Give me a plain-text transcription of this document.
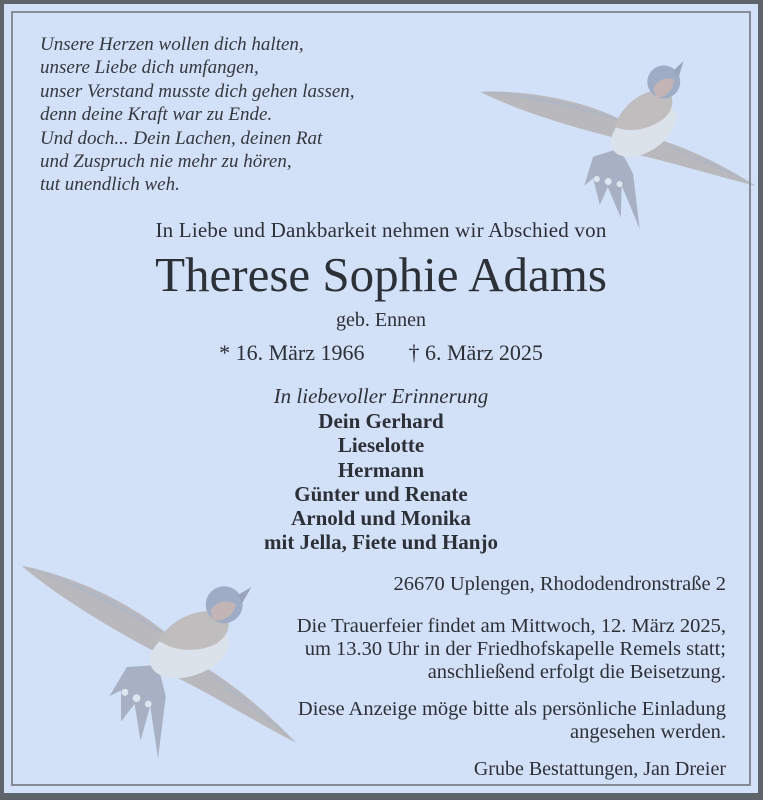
Unsere Herzen wollen dich halten,
unsere Liebe dich umfangen,
unser Verstand musste dich gehen lassen,
denn deine Kraft war zu Ende.
Und doch... Dein Lachen, deinen Rat
und Zuspruch nie mehr zu hören,
tut unendlich weh.
In Liebe und Dankbarkeit nehmen wir Abschied von
Therese Sophie Adams
geb. Ennen
* 16. März 1966 † 6. März 2025
In liebevoller Erinnerung
Dein Gerhard
Lieselotte
Hermann
Günter und Renate
Arnold und Monika
mit Jella, Fiete und Hanjo
26670 Uplengen, Rhododendronstraße 2
Die Trauerfeier findet am Mittwoch, 12. März 2025,
um 13.30 Uhr in der Friedhofskapelle Remels statt;
anschließend erfolgt die Beisetzung.
Diese Anzeige möge bitte als persönliche Einladung
angesehen werden.
Grube Bestattungen, Jan Dreier
